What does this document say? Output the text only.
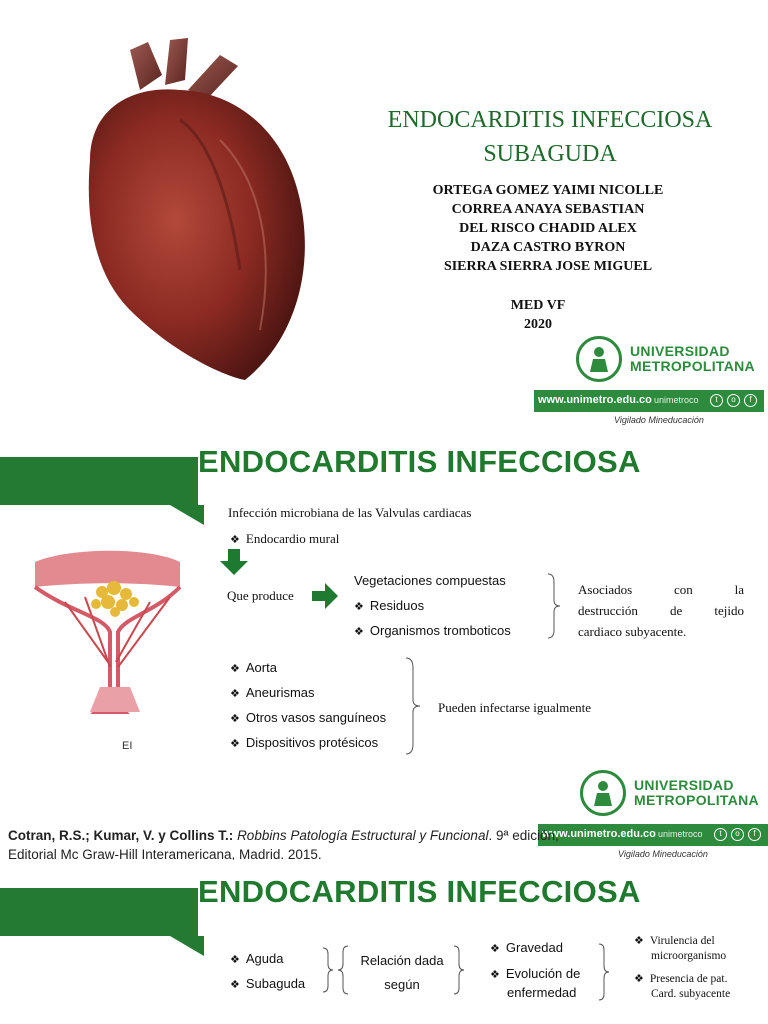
ENDOCARDITIS INFECCIOSA
SUBAGUDA
ORTEGA GOMEZ YAIMI NICOLLE
CORREA ANAYA SEBASTIAN
DEL RISCO CHADID ALEX
DAZA CASTRO BYRON
SIERRA SIERRA JOSE MIGUEL
MED VF
2020
UNIVERSIDAD
METROPOLITANA
www.unimetro.edu.co unimetroco	t	o	f
Vigilado Mineducación
ENDOCARDITIS INFECCIOSA
EI
Infección microbiana de las Valvulas cardiacas
❖ Endocardio mural
Que produce
Vegetaciones compuestas
❖ Residuos
❖ Organismos tromboticos
Asociados con la
destrucción de tejido
cardiaco subyacente.
❖ Aorta
❖ Aneurismas
❖ Otros vasos sanguíneos
❖ Dispositivos protésicos
Pueden infectarse igualmente
UNIVERSIDAD
METROPOLITANA
www.unimetro.edu.co unimetroco	t	o	f
Vigilado Mineducación
Cotran, R.S.; Kumar, V. y Collins T.: Robbins Patología Estructural y Funcional. 9ª edición, Editorial Mc Graw-Hill Interamericana, Madrid. 2015.
ENDOCARDITIS INFECCIOSA
❖ Aguda
❖ Subaguda
Relación dada
según
❖ Gravedad
❖ Evolución de
enfermedad
❖ Virulencia del
microorganismo
❖ Presencia de pat.
Card. subyacente
